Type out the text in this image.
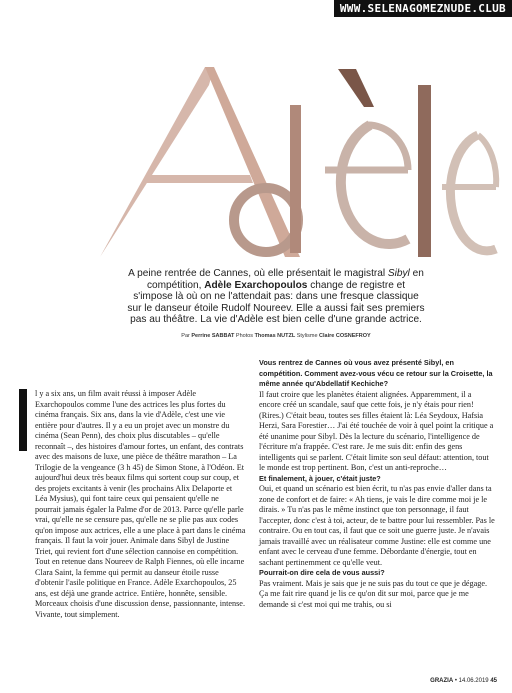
WWW.SELENAGOMEZNUDE.CLUB
A peine rentrée de Cannes, où elle présentait le magistral Sibyl en compétition, Adèle Exarchopoulos change de registre et s'impose là où on ne l'attendait pas: dans une fresque classique sur le danseur étoile Rudolf Noureev. Elle a aussi fait ses premiers pas au théâtre. La vie d'Adèle est bien celle d'une grande actrice.
Par Perrine SABBAT Photos Thomas NUTZL Stylisme Claire COSNEFROY

l y a six ans, un film avait réussi à imposer Adèle Exarchopoulos comme l'une des actrices les plus fortes du cinéma français. Six ans, dans la vie d'Adèle, c'est une vie entière pour d'autres. Il y a eu un projet avec un monstre du cinéma (Sean Penn), des choix plus discutables – qu'elle reconnaît –, des histoires d'amour fortes, un enfant, des contrats avec des maisons de luxe, une pièce de théâtre marathon – La Trilogie de la vengeance (3 h 45) de Simon Stone, à l'Odéon. Et aujourd'hui deux très beaux films qui sortent coup sur coup, et des projets excitants à venir (les prochains Alix Delaporte et Léa Mysius), qui font taire ceux qui pensaient qu'elle ne pourrait jamais égaler la Palme d'or de 2013. Parce qu'elle parle vrai, qu'elle ne se censure pas, qu'elle ne se plie pas aux codes qu'on impose aux actrices, elle a une place à part dans le cinéma français. Il faut la voir jouer. Animale dans Sibyl de Justine Triet, qui revient fort d'une sélection cannoise en compétition. Tout en retenue dans Noureev de Ralph Fiennes, où elle incarne Clara Saint, la femme qui permit au danseur étoile russe d'obtenir l'asile politique en France. Adèle Exarchopoulos, 25 ans, est déjà une grande actrice. Entière, honnête, sensible. Morceaux choisis d'une discussion dense, passionnante, intense. Vivante, tout simplement.

Vous rentrez de Cannes où vous avez présenté Sibyl, en compétition. Comment avez-vous vécu ce retour sur la Croisette, la même année qu'Abdellatif Kechiche?

Il faut croire que les planètes étaient alignées. Apparemment, il a encore créé un scandale, sauf que cette fois, je n'y étais pour rien! (Rires.) C'était beau, toutes ses filles étaient là: Léa Seydoux, Hafsia Herzi, Sara Forestier… J'ai été touchée de voir à quel point la critique a été unanime pour Sibyl. Dès la lecture du scénario, l'intelligence de l'écriture m'a frappée. C'est rare. Je me suis dit: enfin des gens intelligents qui se parlent. C'était limite son seul défaut: attention, tout le monde est trop pertinent. Bon, c'est un anti-reproche…

Et finalement, à jouer, c'était juste?

Oui, et quand un scénario est bien écrit, tu n'as pas envie d'aller dans ta zone de confort et de faire: « Ah tiens, je vais le dire comme moi je le dirais. » Tu n'as pas le même instinct que ton personnage, il faut l'accepter, donc c'est à toi, acteur, de te battre pour lui ressembler. Pas le contraire. Ou en tout cas, il faut que ce soit une guerre juste. Je n'avais jamais travaillé avec un réalisateur comme Justine: elle est comme une enfant avec le cerveau d'une femme. Débordante d'énergie, tout en sachant pertinemment ce qu'elle veut.

Pourrait-on dire cela de vous aussi?

Pas vraiment. Mais je sais que je ne suis pas du tout ce que je dégage. Ça me fait rire quand je lis ce qu'on dit sur moi, parce que je me demande si c'est moi qui me trahis, ou si

GRAZIA • 14.06.2019 45
